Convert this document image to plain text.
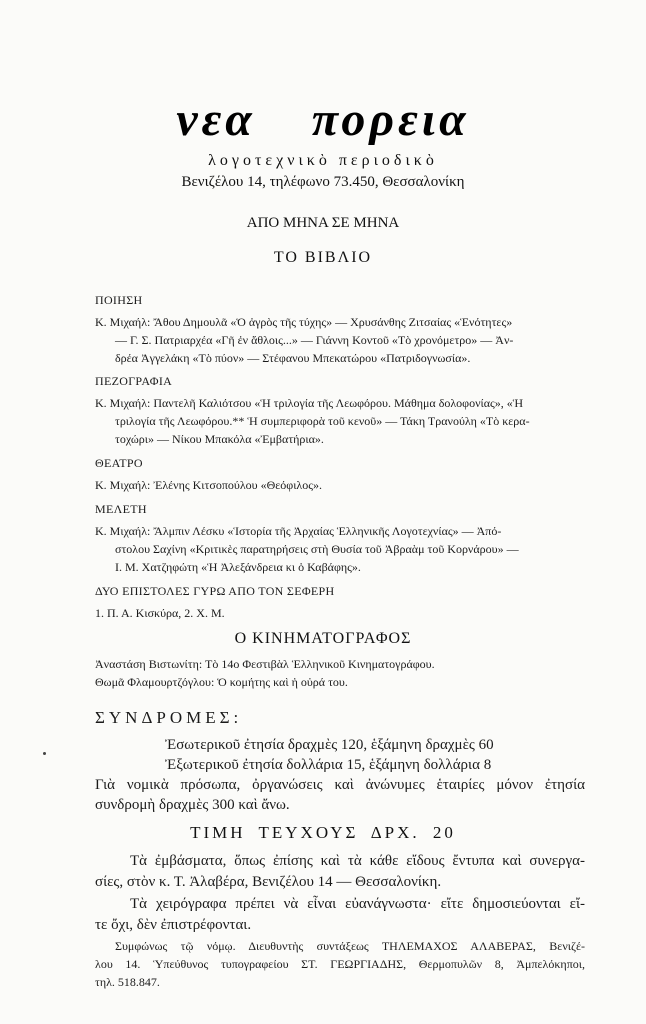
νεα πορεια
λογοτεχνικὸ περιοδικὸ
Βενιζέλου 14, τηλέφωνο 73.450, Θεσσαλονίκη
ΑΠΟ ΜΗΝΑ ΣΕ ΜΗΝΑ
ΤΟ ΒΙΒΛΙΟ
ΠΟΙΗΣΗ
Κ. Μιχαήλ: Ἄθου Δημουλᾶ «Ὁ ἀγρὸς τῆς τύχης» — Χρυσάνθης Ζιτσαίας «Ἑνότητες»
— Γ. Σ. Πατριαρχέα «Γῆ ἐν ἄθλοις...» — Γιάννη Κοντοῦ «Τὸ χρονόμετρο» — Ἀν-
δρέα Ἀγγελάκη «Τὸ πύον» — Στέφανου Μπεκατώρου «Πατριδογνωσία».
ΠΕΖΟΓΡΑΦΙΑ
Κ. Μιχαήλ: Παντελῆ Καλιότσου «Ἡ τριλογία τῆς Λεωφόρου. Μάθημα δολοφονίας», «Ἡ
τριλογία τῆς Λεωφόρου.** Ἡ συμπεριφορὰ τοῦ κενοῦ» — Τάκη Τρανούλη «Τὸ κερα-
τοχώρι» — Νίκου Μπακόλα «Ἐμβατήρια».
ΘΕΑΤΡΟ
Κ. Μιχαήλ: Ἐλένης Κιτσοπούλου «Θεόφιλος».
ΜΕΛΕΤΗ
Κ. Μιχαήλ: Ἄλμπιν Λέσκυ «Ἱστορία τῆς Ἀρχαίας Ἑλληνικῆς Λογοτεχνίας» — Ἀπό-
στολου Σαχίνη «Κριτικὲς παρατηρήσεις στὴ Θυσία τοῦ Ἀβραὰμ τοῦ Κορνάρου» —
Ι. Μ. Χατζηφώτη «Ἡ Ἀλεξάνδρεια κι ὁ Καβάφης».
ΔΥΟ ΕΠΙΣΤΟΛΕΣ ΓΥΡΩ ΑΠΟ ΤΟΝ ΣΕΦΕΡΗ
1. Π. Α. Κισκύρα, 2. Χ. Μ.
Ο ΚΙΝΗΜΑΤΟΓΡΑΦΟΣ
Ἀναστάση Βιστωνίτη: Τὸ 14ο Φεστιβὰλ Ἑλληνικοῦ Κινηματογράφου.
Θωμᾶ Φλαμουρτζόγλου: Ὁ κομήτης καὶ ἡ οὐρά του.
ΣΥΝΔΡΟΜΕΣ:
Ἐσωτερικοῦ ἐτησία δραχμὲς 120, ἑξάμηνη δραχμὲς 60
Ἐξωτερικοῦ ἐτησία δολλάρια 15, ἑξάμηνη δολλάρια 8
Γιὰ νομικὰ πρόσωπα, ὀργανώσεις καὶ ἀνώνυμες ἑταιρίες μόνον ἐτησία
συνδρομὴ δραχμὲς 300 καὶ ἄνω.
ΤΙΜΗ ΤΕΥΧΟΥΣ ΔΡΧ. 20
Τὰ ἐμβάσματα, ὅπως ἐπίσης καὶ τὰ κάθε εἴδους ἔντυπα καὶ συνεργα-
σίες, στὸν κ. Τ. Ἀλαβέρα, Βενιζέλου 14 — Θεσσαλονίκη.
Τὰ χειρόγραφα πρέπει νὰ εἶναι εὐανάγνωστα· εἴτε δημοσιεύονται εἴ-
τε ὄχι, δὲν ἐπιστρέφονται.
Συμφώνως τῷ νόμῳ. Διευθυντὴς συντάξεως ΤΗΛΕΜΑΧΟΣ ΑΛΑΒΕΡΑΣ, Βενιζέ-
λου 14. Ὑπεύθυνος τυπογραφείου ΣΤ. ΓΕΩΡΓΙΑΔΗΣ, Θερμοπυλῶν 8, Ἀμπελόκηποι,
τηλ. 518.847.
